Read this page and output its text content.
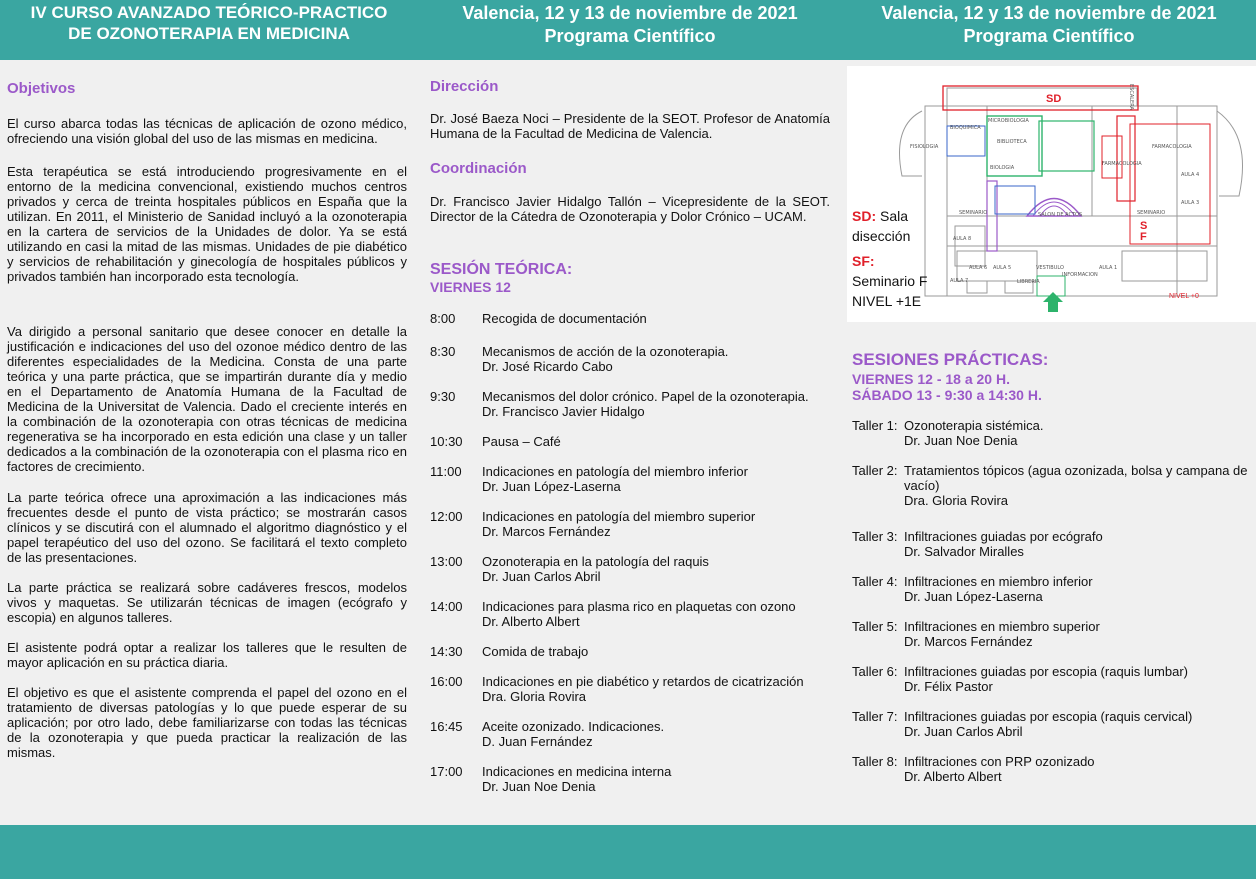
IV CURSO AVANZADO TEÓRICO-PRACTICO
DE OZONOTERAPIA EN MEDICINA
Valencia, 12 y 13 de noviembre de 2021
Programa Científico
Valencia, 12 y 13 de noviembre de 2021
Programa Científico
Objetivos

El curso abarca todas las técnicas de aplicación de ozono médico, ofreciendo una visión global del uso de las mismas en medicina.

Esta terapéutica se está introduciendo progresivamente en el entorno de la medicina convencional, existiendo muchos centros privados y cerca de treinta hospitales públicos en España que la utilizan. En 2011, el Ministerio de Sanidad incluyó a la ozonoterapia en la cartera de servicios de la Unidades de dolor. Ya se está utilizando en casi la mitad de las mismas. Unidades de pie diabético y servicios de rehabilitación y ginecología de hospitales públicos y privados también han incorporado esta tecnología.

Va dirigido a personal sanitario que desee conocer en detalle la justificación e indicaciones del uso del ozonoe médico dentro de las diferentes especialidades de la Medicina. Consta de una parte teórica y una parte práctica, que se impartirán durante día y medio en el Departamento de Anatomía Humana de la Facultad de Medicina de la Universitat de Valencia. Dado el creciente interés en la combinación de la ozonoterapia con otras técnicas de medicina regenerativa se ha incorporado en esta edición una clase y un taller dedicados a la combinación de la ozonoterapia con el plasma rico en factores de crecimiento.

La parte teórica ofrece una aproximación a las indicaciones más frecuentes desde el punto de vista práctico; se mostrarán casos clínicos y se discutirá con el alumnado el algoritmo diagnóstico y el papel terapéutico del uso del ozono. Se facilitará el texto completo de las presentaciones.

La parte práctica se realizará sobre cadáveres frescos, modelos vivos y maquetas. Se utilizarán técnicas de imagen (ecógrafo y escopia) en algunos talleres.

El asistente podrá optar a realizar los talleres que le resulten de mayor aplicación en su práctica diaria.

El objetivo es que el asistente comprenda el papel del ozono en el tratamiento de diversas patologías y lo que puede esperar de su aplicación; por otro lado, debe familiarizarse con todas las técnicas de la ozonoterapia y que pueda practicar la realización de las mismas.

Dirección

Dr. José Baeza Noci – Presidente de la SEOT. Profesor de Anatomía Humana de la Facultad de Medicina de Valencia.

Coordinación

Dr. Francisco Javier Hidalgo Tallón – Vicepresidente de la SEOT. Director de la Cátedra de Ozonoterapia y Dolor Crónico – UCAM.

SESIÓN TEÓRICA:
VIERNES 12
8:00	Recogida de documentación
8:30	Mecanismos de acción de la ozonoterapia.
Dr. José Ricardo Cabo
9:30	Mecanismos del dolor crónico. Papel de la ozonoterapia.
Dr. Francisco Javier Hidalgo
10:30	Pausa – Café
11:00	Indicaciones en patología del miembro inferior
Dr. Juan López-Laserna
12:00	Indicaciones en patología del miembro superior
Dr. Marcos Fernández
13:00	Ozonoterapia en la patología del raquis
Dr. Juan Carlos Abril
14:00	Indicaciones para plasma rico en plaquetas con ozono
Dr. Alberto Albert
14:30	Comida de trabajo
16:00	Indicaciones en pie diabético y retardos de cicatrización
Dra. Gloria Rovira
16:45	Aceite ozonizado. Indicaciones.
D. Juan Fernández
17:00	Indicaciones en medicina interna
Dr. Juan Noe Denia
BIBLIOTECA
SALON DE ACTOS
FARMACOLOGIA
FISIOLOGIA
BIOQUIMICA
MICROBIOLOGIA
BIOLOGIA
SEMINARIO	SEMINARIO
AULA 8
AULA 7
AULA 6 AULA 5
AULA 4
AULA 3
AULA 1
VESTIBULO
INFORMACION
LIBRERIA
ESCALERA
FARMACOLOGIA
SD
S
F
NIVEL +0
SD: Sala
disección
SF:
Seminario F
NIVEL +1E
SESIONES PRÁCTICAS:
VIERNES 12 - 18 a 20 H.
SÁBADO 13 - 9:30 a 14:30 H.
Taller 1: Ozonoterapia sistémica.
Dr. Juan Noe Denia
Taller 2: Tratamientos tópicos (agua ozonizada, bolsa y campana de vacío)
Dra. Gloria Rovira
Taller 3: Infiltraciones guiadas por ecógrafo
Dr. Salvador Miralles
Taller 4: Infiltraciones en miembro inferior
Dr. Juan López-Laserna
Taller 5: Infiltraciones en miembro superior
Dr. Marcos Fernández
Taller 6: Infiltraciones guiadas por escopia (raquis lumbar)
Dr. Félix Pastor
Taller 7: Infiltraciones guiadas por escopia (raquis cervical)
Dr. Juan Carlos Abril
Taller 8: Infiltraciones con PRP ozonizado
Dr. Alberto Albert
